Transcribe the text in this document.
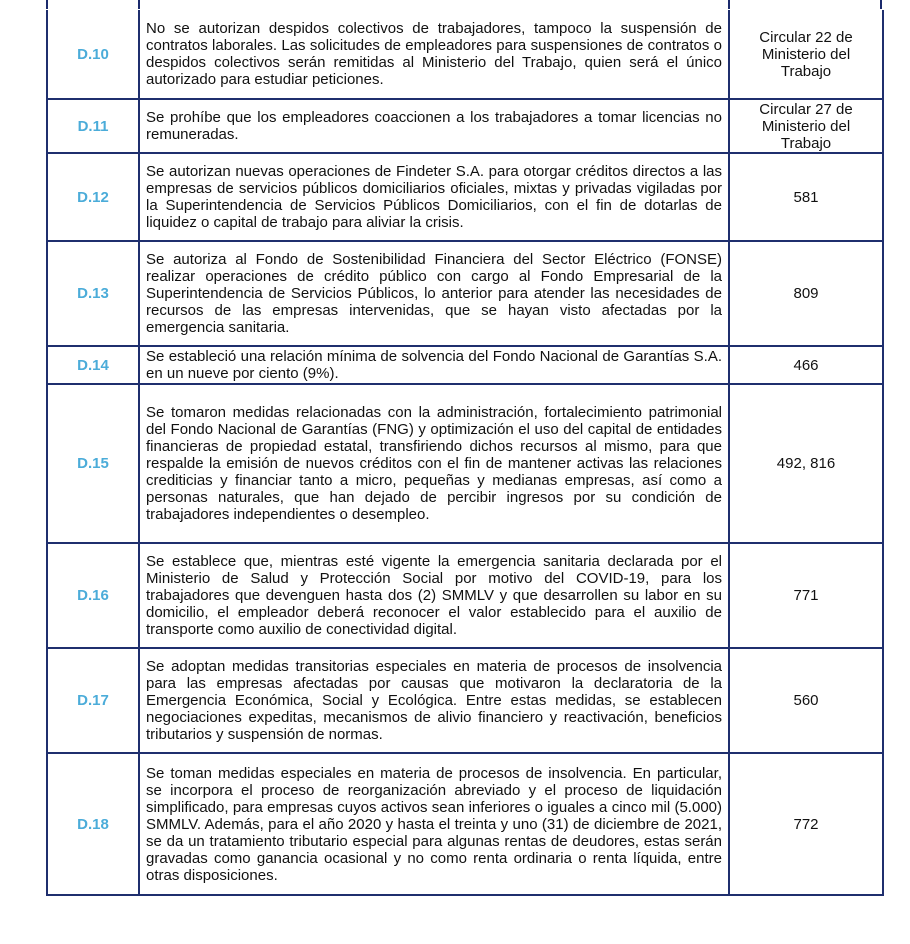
D.10	No se autorizan despidos colectivos de trabajadores, tampoco la suspensión de contratos laborales. Las solicitudes de empleadores para suspensiones de contratos o despidos colectivos serán remitidas al Ministerio del Trabajo, quien será el único autorizado para estudiar peticiones.	Circular 22 de Ministerio del Trabajo
D.11	Se prohíbe que los empleadores coaccionen a los trabajadores a tomar licencias no remuneradas.	Circular 27 de Ministerio del Trabajo
D.12	Se autorizan nuevas operaciones de Findeter S.A. para otorgar créditos directos a las empresas de servicios públicos domiciliarios oficiales, mixtas y privadas vigiladas por la Superintendencia de Servicios Públicos Domiciliarios, con el fin de dotarlas de liquidez o capital de trabajo para aliviar la crisis.	581
D.13	Se autoriza al Fondo de Sostenibilidad Financiera del Sector Eléctrico (FONSE) realizar operaciones de crédito público con cargo al Fondo Empresarial de la Superintendencia de Servicios Públicos, lo anterior para atender las necesidades de recursos de las empresas intervenidas, que se hayan visto afectadas por la emergencia sanitaria.	809
D.14	Se estableció una relación mínima de solvencia del Fondo Nacional de Garantías S.A. en un nueve por ciento (9%).	466
D.15	Se tomaron medidas relacionadas con la administración, fortalecimiento patrimonial del Fondo Nacional de Garantías (FNG) y optimización el uso del capital de entidades financieras de propiedad estatal, transfiriendo dichos recursos al mismo, para que respalde la emisión de nuevos créditos con el fin de mantener activas las relaciones crediticias y financiar tanto a micro, pequeñas y medianas empresas, así como a personas naturales, que han dejado de percibir ingresos por su condición de trabajadores independientes o desempleo.	492, 816
D.16	Se establece que, mientras esté vigente la emergencia sanitaria declarada por el Ministerio de Salud y Protección Social por motivo del COVID-19, para los trabajadores que devenguen hasta dos (2) SMMLV y que desarrollen su labor en su domicilio, el empleador deberá reconocer el valor establecido para el auxilio de transporte como auxilio de conectividad digital.	771
D.17	Se adoptan medidas transitorias especiales en materia de procesos de insolvencia para las empresas afectadas por causas que motivaron la declaratoria de la Emergencia Económica, Social y Ecológica. Entre estas medidas, se establecen negociaciones expeditas, mecanismos de alivio financiero y reactivación, beneficios tributarios y suspensión de normas.	560
D.18	Se toman medidas especiales en materia de procesos de insolvencia. En particular, se incorpora el proceso de reorganización abreviado y el proceso de liquidación simplificado, para empresas cuyos activos sean inferiores o iguales a cinco mil (5.000) SMMLV. Además, para el año 2020 y hasta el treinta y uno (31) de diciembre de 2021, se da un tratamiento tributario especial para algunas rentas de deudores, estas serán gravadas como ganancia ocasional y no como renta ordinaria o renta líquida, entre otras disposiciones.	772
